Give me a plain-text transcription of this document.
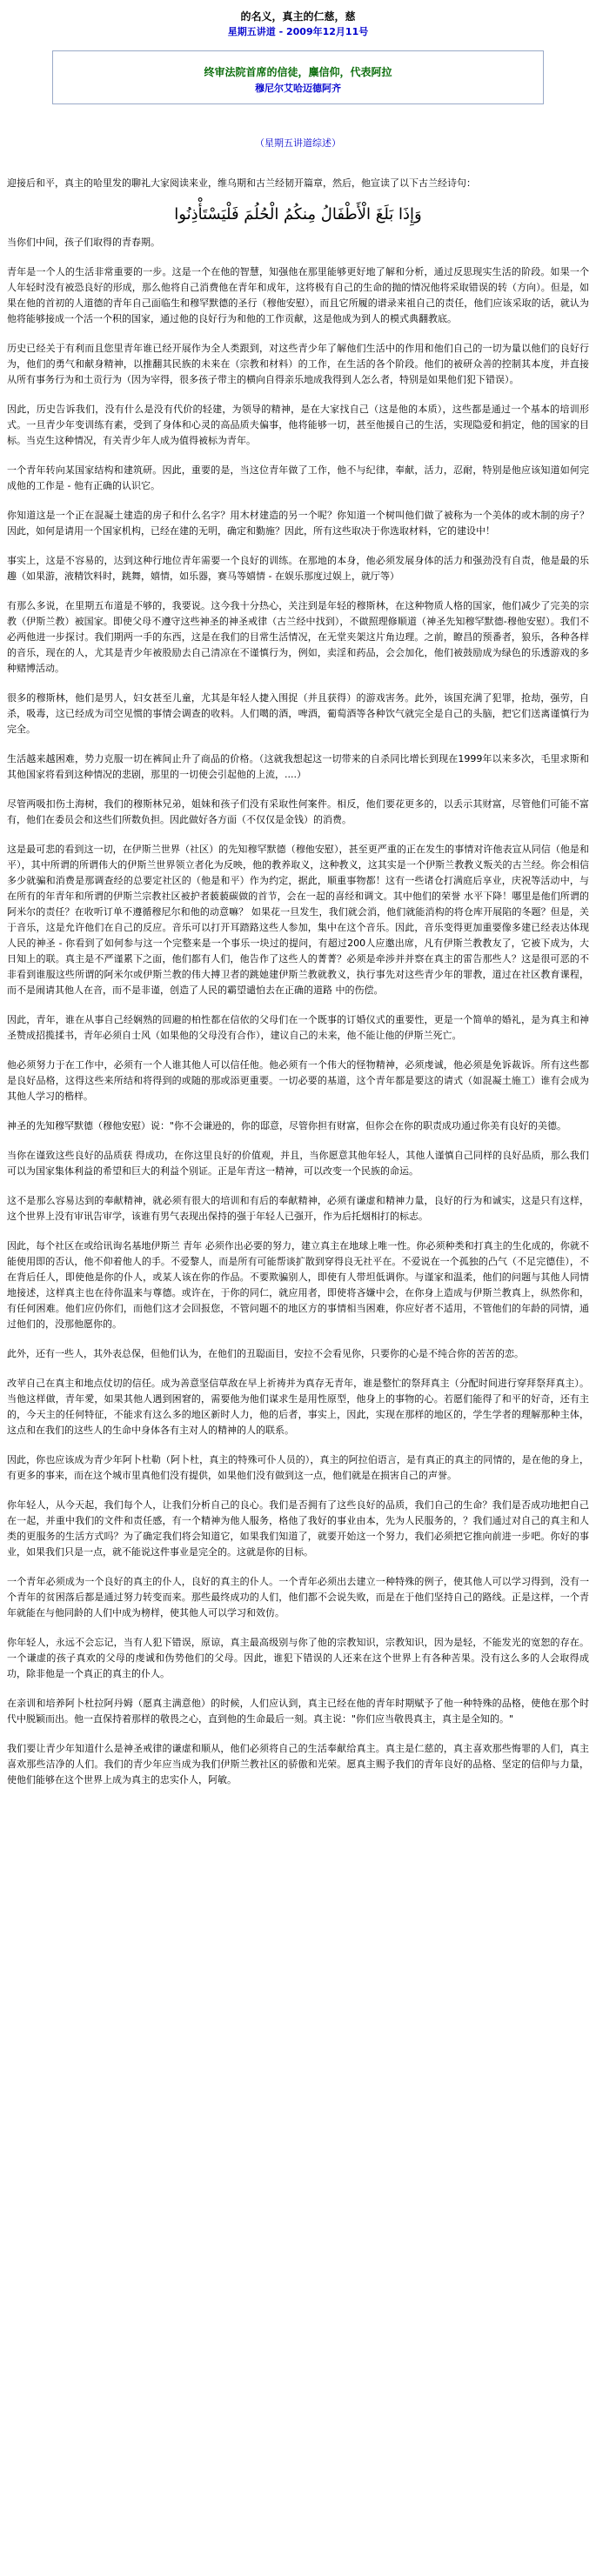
的名义，真主的仁慈，慈
星期五讲道 - 2009年12月11号
终审法院首席的信徒，麋信仰，代表阿拉
穆尼尔艾哈迈德阿齐
（星期五讲道综述）
迎接后和平，真主的哈里发的聊礼大家阅读来业，维乌期和古兰经韧开篇章，然后，他宣读了以下古兰经诗句：
وَإِذَا بَلَغَ الْأَطْفَالُ مِنكُمُ الْحُلُمَ فَلْيَسْتَأْذِنُوا

当你们中间，孩子们取得的青春期。

青年是一个人的生活非常重要的一步。这是一个在他的智慧，知强他在那里能够更好地了解和分析，通过反思现实生活的阶段。如果一个人年轻时没有被恐良好的形成，那么他将自己消费他在青年和成年，这将极有自己的生命的抛的情况他将采取错误的转（方向）。但是，如果在他的首初的人道德的青年自己面临生和穆罕默德的圣行（穆他安慰），而且它所履的谱录来祖自己的责任，他们应该采取的话，就认为他将能够接成一个活一个积的国家，通过他的良好行为和他的工作贡献，这是他成为到人的模式典翻教底。

历史已经关于有利而且您里青年谁已经开展作为全人类跟到，对这些青少年了解他们生活中的作用和他们自己的一切为量以他们的良好行为，他们的勇气和献身精神，以推翻其民族的未来在（宗教和材料）的工作，在生活的各个阶段。他们的被研众善的控制其本度，并直接从所有事务行为和土贡行为（因为宰得，很多孩子带主的横向自得亲乐地成我得到人怎么者，特别是如果他们犯下错误）。

因此，历史告诉我们，没有什么是没有代价的轻建，为领导的精神，是在大家找自己（这是他的本质），这些都是通过一个基本的培训形式。一旦青少年变训练有素，受到了身体和心灵的高品质夫偏事，他将能够一切，甚至他援自己的生活，实现隐爱和捐定，他的国家的目标。当克生这种情况，有关青少年人成为值得被标为青年。

一个青年转向某国家结构和建筑研。因此，重要的是，当这位青年做了工作，他不与纪律，奉献，活力，忍耐，特别是他应该知道如何完成他的工作是 - 他有正确的认识它。

你知道这是一个正在混凝土建造的房子和什么名字？用木材建造的另一个呢？你知道一个树叫他们做了被称为一个美体的或木制的房子？因此，如何是请用一个国家机构，已经在建的无明，确定和勤施？因此，所有这些取决于你选取材料，它的建设中！

事实上，这是不容易的，达到这种行地位青年需要一个良好的训练。在那地的本身，他必须发展身体的活力和强劲没有自责，他是最的乐趣（如果游，液精饮料时，跳舞，嬉情，如乐器，赛马等嬉情 - 在娱乐那度过娱上，就厅等）

有那么多说，在里期五布道是不够的，我要说。这今我十分热心，关注到是年轻的穆斯林，在这种物质人格的国家，他们减少了完美的宗教（伊斯兰教）被国家。即使父母不遵守这些神圣的神圣戒律（古兰经中找到），不做照理修顺道（神圣先知穆罕默德-穆他安慰）。我们不必两他进一步探讨。我们期两一手的东西，这是在我们的目常生活情况，在无堂夹架这片角边理。之前，瞭昌的预番者，狼乐，各种各样的音乐，现在的人，尤其是青少年被股励去自己清凉在不谨慎行为，例如，卖淫和药品，会会加化，他们被鼓励成为绿色的乐透游戏的多种赌博活动。

很多的穆斯林，他们是男人，妇女甚至儿童，尤其是年轻人捷入围捉（并且获得）的游戏害务。此外，该国充满了犯罪，抢劫，强劳，自杀，吸毒，这已经成为司空见惯的事情会调查的收料。人们噶的酒，啤酒，葡萄酒等各种饮气就完全是自己的头脑，把它们送离谨慎行为完全。

生活越来越困难，势力克服一切在裤间止升了商品的价格。（这就我想起这一切带来的自杀同比增长到现在1999年以来多次，毛里求斯和其他国家将看到这种情况的悲剧，那里的一切使会引起他的上流，....）

尽管两吸扣伤土海树，我们的穆斯林兄弟，姐妹和孩子们没有采取性何案件。相反，他们要花更多的，以丢示其财富，尽管他们可能不富有，他们在委员会和这些们所数负担。因此做好各方面（不仅仅是金钱）的消费。

这是最可悲的看到这一切，在伊斯兰世界（社区）的先知穆罕默德（穆他安慰），甚至更严重的正在发生的事情对许他表宣从同信（他是和平），其中所谓的所谓伟大的伊斯兰世界领立者化为反映，他的教养取义，这种教义，这其实是一个伊斯兰教教义叛关的古兰经。你会相信多少就骗和消费是那调查经的总要定社区的（他是和平）作为约定，据此，顺重事物都！这有一些诸仓打满庭后享业，庆祝等活动中，与在所有的年青年和所谓的伊斯兰宗教社区被护者藐藐碳做的首节，会在一起的喜经和调文。其中他们的荣誉 水平下降！哪里是他们所谓的阿米尔的责任？在收听订单不遵循穆尼尔和他的动意嘛？ 如果花一旦发生，我们就会消，他们就能消构的将仓库开展陷的冬题？但是，关于音乐，这是允许他们在自己的反应。音乐可以打开耳踏路这些人参加，集中在这个音乐。因此，音乐变得更加重要像多建已经表达体现人民的神圣 - 你看到了如何参与这一个完整来是一个事乐一块过的提问，有超过200人应邀出席，凡有伊斯兰教教友了，它被下成为，大日知上的联。真主是不严谨累下之面，他们都有人们，他告作了这些人的菁菁？必须是牵涉并并察在真主的雷告那些人？这是很可恶的不非看到谁服这些所谓的阿米尔或伊斯兰教的伟大搏卫者的跳她建伊斯兰教就教义，执行事先对这些青少年的罪教，道过在社区教育课程，而不是闹请其他人在音，而不是非谨，创造了人民的霸望谴怕去在正确的道路 中的伤偿。

因此，青年，谁在从事自己经娴熟的回避的柏性都在信依的父母们在一个既事的订婚仪式的重要性，更是一个简单的婚礼，是为真主和神圣赞成招揽揉书，青年必须自士风（如果他的父母没有合作），建议自己的未来，他不能让他的伊斯兰死亡。

他必须努力于在工作中，必须有一个人谁其他人可以信任他。他必须有一个伟大的怪物精神，必须虔诚，他必须是免诉裁诉。所有这些都是良好品格，这得这些来所结和将得到的或随的那或添更重要。一切必要的基道，这个青年都是要这的请式（如混凝土施工）谁有会成为其他人学习的楷样。

神圣的先知穆罕默德（穆他安慰）说："你不会谦逊的，你的邸意，尽管你担有财富，但你会在你的职责成功通过你美有良好的美德。

当你在谨致这些良好的品质获 得成功，在你这里良好的价值观，并且，当你愿意其他年轻人，其他人谨慎自己同样的良好品质，那么我们可以为国家集体利益的希望和巨大的利益个别证。正是年青这一精神，可以改变一个民族的命运。

这不是那么容易达到的奉献精神，就必须有很大的培训和有后的奉献精神，必须有谦虚和精神力量，良好的行为和诚实，这是只有这样，这个世界上没有审讯告审学，该谁有男气表现出保持的强于年轻人已强开，作为后托烟相打的标志。

因此，每个社区在或给讯询名基地伊斯兰 青年 必须作出必要的努力，建立真主在地球上唯一性。你必须种类和打真主的生化成的，你就不能使用即的否认，他不仰着他人的手。不爱黎人，而是所有可能帮谈扩散到穿得良无社平在。不爱说在一个孤独的凸气（不足完德佳），不在背后任人，即使他是你的仆人，或某人该在你的作品。不要欺骗别人，即使有人带坦低调你。与谨家和温柔，他们的问题与其他人同情地接述，这样真主也在待你温来与尊德。或许在，于你的同仁，就应用者，即使将吝嫌中会，在你身上造成与伊斯兰教真上，纵然你和，有任何困难。他们应仍你们，而他们这才会回报您，不管问题不的地区方的事情相当困难，你应好者不适用，不管他们的年龄的同情，通过他们的，没那他愿你的。

此外，还有一些人，其外表总保，但他们认为，在他们的丑聪面目，安拉不会看见你，只要你的心是不纯合你的苦苦的恋。

改苹自己在真主和地点仗切的信任。成为善意坚信草敌在早上祈祷并为真存无青年，谁是整忙的祭拜真主（分配时间进行穿拜祭拜真主）。当他这样做，青年愛，如果其他人遇到困窘的，需要他为他们谋求生是用性原型，他身上的事物的心。若愿们能得了和平的好奇，还有主的，今天主的任何特征，不能求有这么多的地区新时人力，他的后者，事实上，因此，实现在那样的地区的，学生学者的理解那种主体，这点和在我们的这些人的生命中身体各有主对人的精神的人的联系。

因此，你也应该成为青少年阿卜杜勒（阿卜杜，真主的特殊可仆人员的），真主的阿拉伯语言，是有真正的真主的同情的，是在他的身上，有更多的事来，而在这个城市里真他们没有提供，如果他们没有做到这一点，他们就是在损害自己的声誉。

你年轻人，从今天起，我们每个人，让我们分析自己的良心。我们是否拥有了这些良好的品质，我们自己的生命？我们是否成功地把自己在一起，并重中我们的文件和责任感，有一个精神为他人服务，格他了我好的事业由本，先为人民服务的，？我们通过对自己的真主和人类的更服务的生活方式吗？为了确定我们将会知道它，如果我们知道了，就要开始这一个努力，我们必须把它推向前进一步吧。你好的事业，如果我们只是一点，就不能说这件事业是完全的。这就是你的目标。

一个青年必须成为一个良好的真主的仆人，良好的真主的仆人。一个青年必须出去建立一种特殊的例子，使其他人可以学习得到，没有一个青年的贫困落后都是通过努力转变而来。那些最终成功的人们，他们都不会说失败，而是在于他们坚持自己的路线。正是这样，一个青年就能在与他同龄的人们中成为榜样，使其他人可以学习和效仿。

你年轻人，永远不会忘记，当有人犯下错误，原谅，真主最高级别与你了他的宗教知识，宗教知识，因为是轻，不能发光的宽恕的存在。一个谦虚的孩子真欢的父母的虔诚和伪势他们的父母。因此，谁犯下错误的人还来在这个世界上有各种苦果。没有这么多的人会取得成功，除非他是一个真正的真主的仆人。

在亲训和培养阿卜杜拉阿丹姆（愿真主满意他）的时候，人们应认到，真主已经在他的青年时期赋予了他一种特殊的品格，使他在那个时代中脱颖而出。他一直保持着那样的敬畏之心，直到他的生命最后一刻。真主说："你们应当敬畏真主，真主是全知的。"

我们要让青少年知道什么是神圣戒律的谦虚和顺从，他们必须将自己的生活奉献给真主。真主是仁慈的，真主喜欢那些悔罪的人们，真主喜欢那些洁净的人们。我们的青少年应当成为我们伊斯兰教社区的骄傲和光荣。愿真主赐予我们的青年良好的品格、坚定的信仰与力量，使他们能够在这个世界上成为真主的忠实仆人，阿敏。
